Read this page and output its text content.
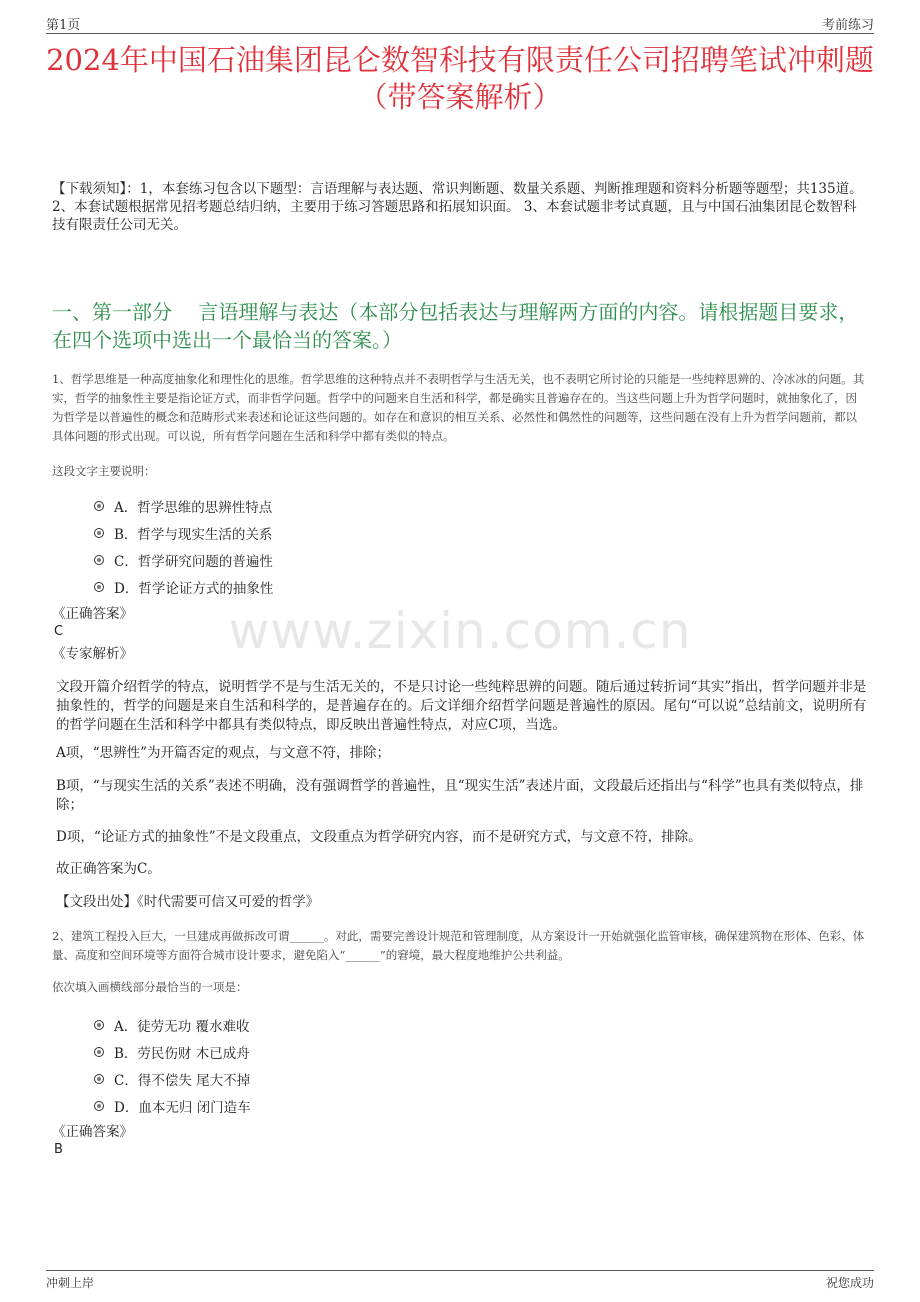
第1页	考前练习
2024年中国石油集团昆仑数智科技有限责任公司招聘笔试冲刺题（带答案解析）
【下载须知】：1，本套练习包含以下题型：言语理解与表达题、常识判断题、数量关系题、判断推理题和资料分析题等题型；共135道。 2、本套试题根据常见招考题总结归纳，主要用于练习答题思路和拓展知识面。 3、本套试题非考试真题，且与中国石油集团昆仑数智科技有限责任公司无关。
一、第一部分　 言语理解与表达（本部分包括表达与理解两方面的内容。请根据题目要求，在四个选项中选出一个最恰当的答案。）
www.zixin.com.cn
1、哲学思维是一种高度抽象化和理性化的思维。哲学思维的这种特点并不表明哲学与生活无关，也不表明它所讨论的只能是一些纯粹思辨的、冷冰冰的问题。其实，哲学的抽象性主要是指论证方式，而非哲学问题。哲学中的问题来自生活和科学，都是确实且普遍存在的。当这些问题上升为哲学问题时，就抽象化了，因为哲学是以普遍性的概念和范畴形式来表述和论证这些问题的。如存在和意识的相互关系、必然性和偶然性的问题等，这些问题在没有上升为哲学问题前，都以具体问题的形式出现。可以说，所有哲学问题在生活和科学中都有类似的特点。
这段文字主要说明：
A．哲学思维的思辨性特点
B．哲学与现实生活的关系
C．哲学研究问题的普遍性
D．哲学论证方式的抽象性
《正确答案》
C
《专家解析》
文段开篇介绍哲学的特点，说明哲学不是与生活无关的，不是只讨论一些纯粹思辨的问题。随后通过转折词“其实”指出，哲学问题并非是抽象性的，哲学的问题是来自生活和科学的，是普遍存在的。后文详细介绍哲学问题是普遍性的原因。尾句“可以说”总结前文，说明所有的哲学问题在生活和科学中都具有类似特点，即反映出普遍性特点，对应C项，当选。
A项，“思辨性”为开篇否定的观点，与文意不符，排除；
B项，“与现实生活的关系”表述不明确，没有强调哲学的普遍性，且“现实生活”表述片面，文段最后还指出与“科学”也具有类似特点，排除；
D项，“论证方式的抽象性”不是文段重点，文段重点为哲学研究内容，而不是研究方式，与文意不符，排除。
故正确答案为C。
【文段出处】《时代需要可信又可爱的哲学》
2、建筑工程投入巨大，一旦建成再做拆改可谓______。对此，需要完善设计规范和管理制度，从方案设计一开始就强化监管审核，确保建筑物在形体、色彩、体量、高度和空间环境等方面符合城市设计要求，避免陷入“______”的窘境，最大程度地维护公共利益。
依次填入画横线部分最恰当的一项是：
A．徒劳无功 覆水难收
B．劳民伤财 木已成舟
C．得不偿失 尾大不掉
D．血本无归 闭门造车
《正确答案》
B
冲刺上岸	祝您成功
